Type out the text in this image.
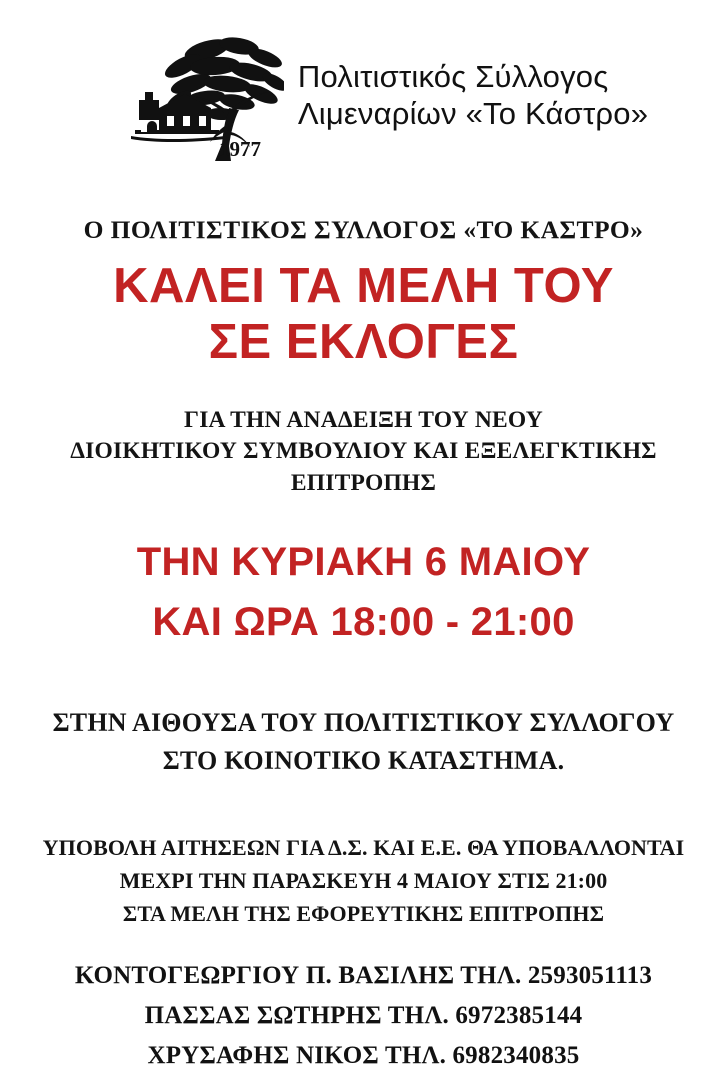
1977
Πολιτιστικός Σύλλογος
Λιμεναρίων «Το Κάστρο»
Ο ΠΟΛΙΤΙΣΤΙΚΟΣ ΣΥΛΛΟΓΟΣ «ΤΟ ΚΑΣΤΡΟ»
ΚΑΛΕΙ ΤΑ ΜΕΛΗ ΤΟΥ
ΣΕ ΕΚΛΟΓΕΣ
ΓΙΑ ΤΗΝ ΑΝΑΔΕΙΞΗ ΤΟΥ ΝΕΟΥ
ΔΙΟΙΚΗΤΙΚΟΥ ΣΥΜΒΟΥΛΙΟΥ ΚΑΙ ΕΞΕΛΕΓΚΤΙΚΗΣ ΕΠΙΤΡΟΠΗΣ
ΤΗΝ ΚΥΡΙΑΚΗ 6 ΜΑΙΟΥ
ΚΑΙ ΩΡΑ 18:00 - 21:00
ΣΤΗΝ ΑΙΘΟΥΣΑ ΤΟΥ ΠΟΛΙΤΙΣΤΙΚΟΥ ΣΥΛΛΟΓΟΥ
ΣΤΟ ΚΟΙΝΟΤΙΚΟ ΚΑΤΑΣΤΗΜΑ.
ΥΠΟΒΟΛΗ ΑΙΤΗΣΕΩΝ ΓΙΑ Δ.Σ. ΚΑΙ Ε.Ε. ΘΑ ΥΠΟΒΑΛΛΟΝΤΑΙ
ΜΕΧΡΙ ΤΗΝ ΠΑΡΑΣΚΕΥΗ 4 ΜΑΙΟΥ ΣΤΙΣ 21:00
ΣΤΑ ΜΕΛΗ ΤΗΣ ΕΦΟΡΕΥΤΙΚΗΣ ΕΠΙΤΡΟΠΗΣ
ΚΟΝΤΟΓΕΩΡΓΙΟΥ Π. ΒΑΣΙΛΗΣ ΤΗΛ. 2593051113
ΠΑΣΣΑΣ ΣΩΤΗΡΗΣ ΤΗΛ. 6972385144
ΧΡΥΣΑΦΗΣ ΝΙΚΟΣ ΤΗΛ. 6982340835
